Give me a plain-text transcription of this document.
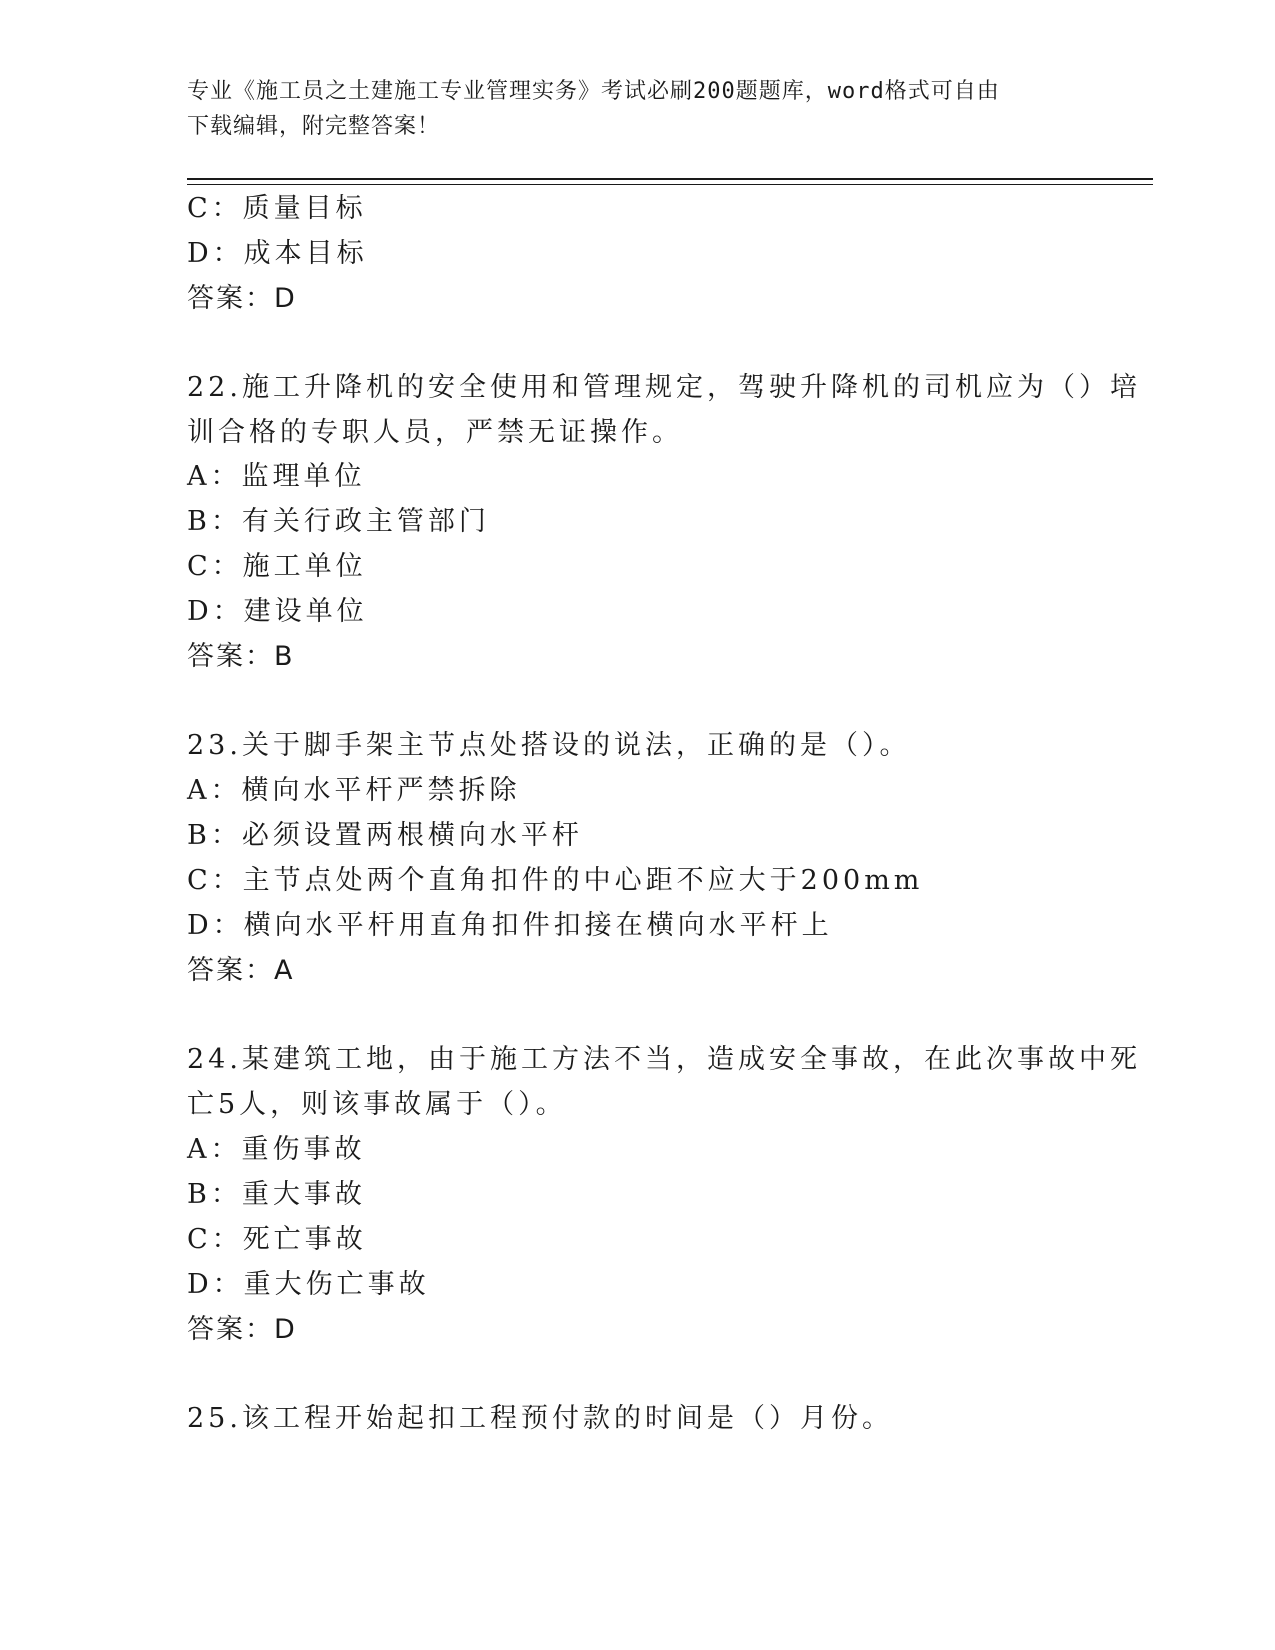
专业《施工员之土建施工专业管理实务》考试必刷200题题库，word格式可自由
下载编辑，附完整答案！
C：质量目标
D：成本目标
答案：D
22.施工升降机的安全使用和管理规定，驾驶升降机的司机应为（）培
训合格的专职人员，严禁无证操作。
A：监理单位
B：有关行政主管部门
C：施工单位
D：建设单位
答案：B
23.关于脚手架主节点处搭设的说法，正确的是（）。
A：横向水平杆严禁拆除
B：必须设置两根横向水平杆
C：主节点处两个直角扣件的中心距不应大于200mm
D：横向水平杆用直角扣件扣接在横向水平杆上
答案：A
24.某建筑工地，由于施工方法不当，造成安全事故，在此次事故中死
亡5人，则该事故属于（）。
A：重伤事故
B：重大事故
C：死亡事故
D：重大伤亡事故
答案：D
25.该工程开始起扣工程预付款的时间是（）月份。
